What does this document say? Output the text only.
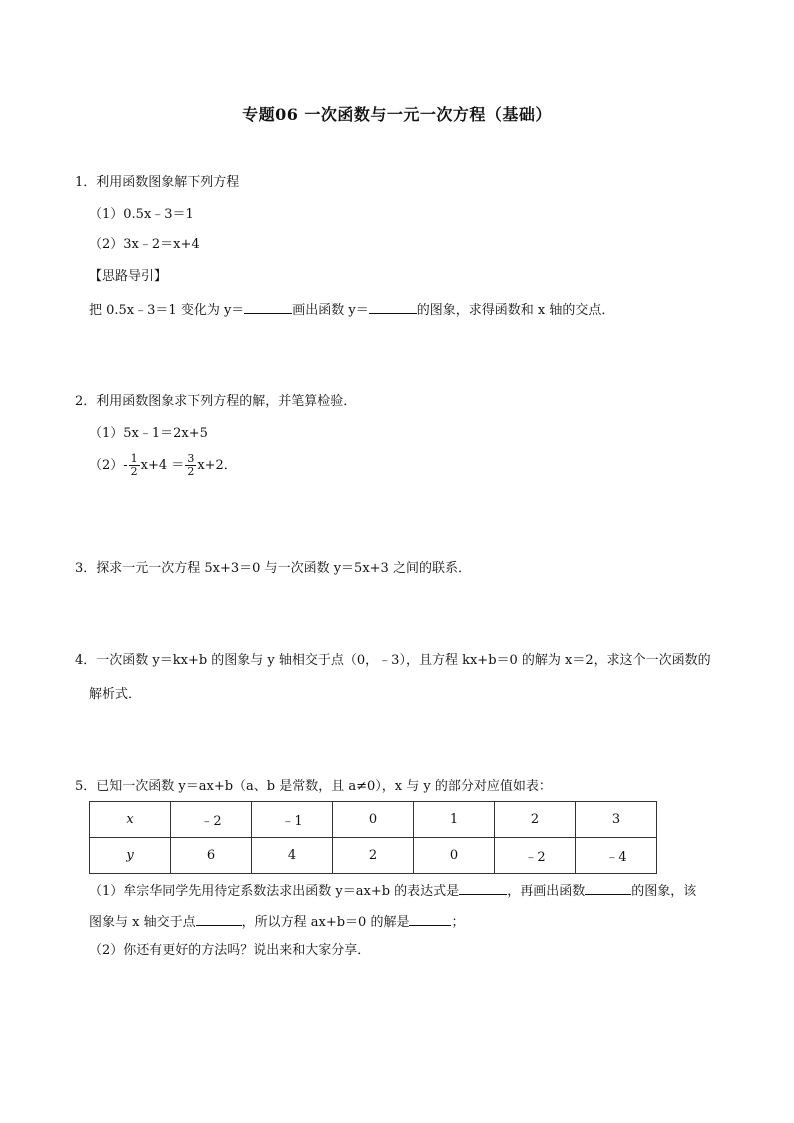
专题06 一次函数与一元一次方程（基础）
1．利用函数图象解下列方程
（1）0.5x﹣3＝1
（2）3x﹣2＝x+4
【思路导引】
把 0.5x﹣3＝1 变化为 y＝	画出函数 y＝	的图象，求得函数和 x 轴的交点．
2．利用函数图象求下列方程的解，并笔算检验．
（1）5x﹣1＝2x+5
$(2)- \frac{1}{2} x+4 = \frac{3}{2} x+2$．
3．探求一元一次方程 5x+3＝0 与一次函数 y＝5x+3 之间的联系．
4．一次函数 y＝kx+b 的图象与 y 轴相交于点（0，﹣3），且方程 kx+b＝0 的解为 x＝2，求这个一次函数的
解析式．
5．已知一次函数 y＝ax+b（a、b 是常数，且 a≠0），x 与 y 的部分对应值如表：
x	﹣2	﹣1	0	1	2	3
y	6	4	2	0	﹣2	﹣4
（1）牟宗华同学先用待定系数法求出函数 y＝ax+b 的表达式是	，再画出函数	的图象，该
图象与 x 轴交于点	，所以方程 ax+b＝0 的解是	；
（2）你还有更好的方法吗？说出来和大家分享．
